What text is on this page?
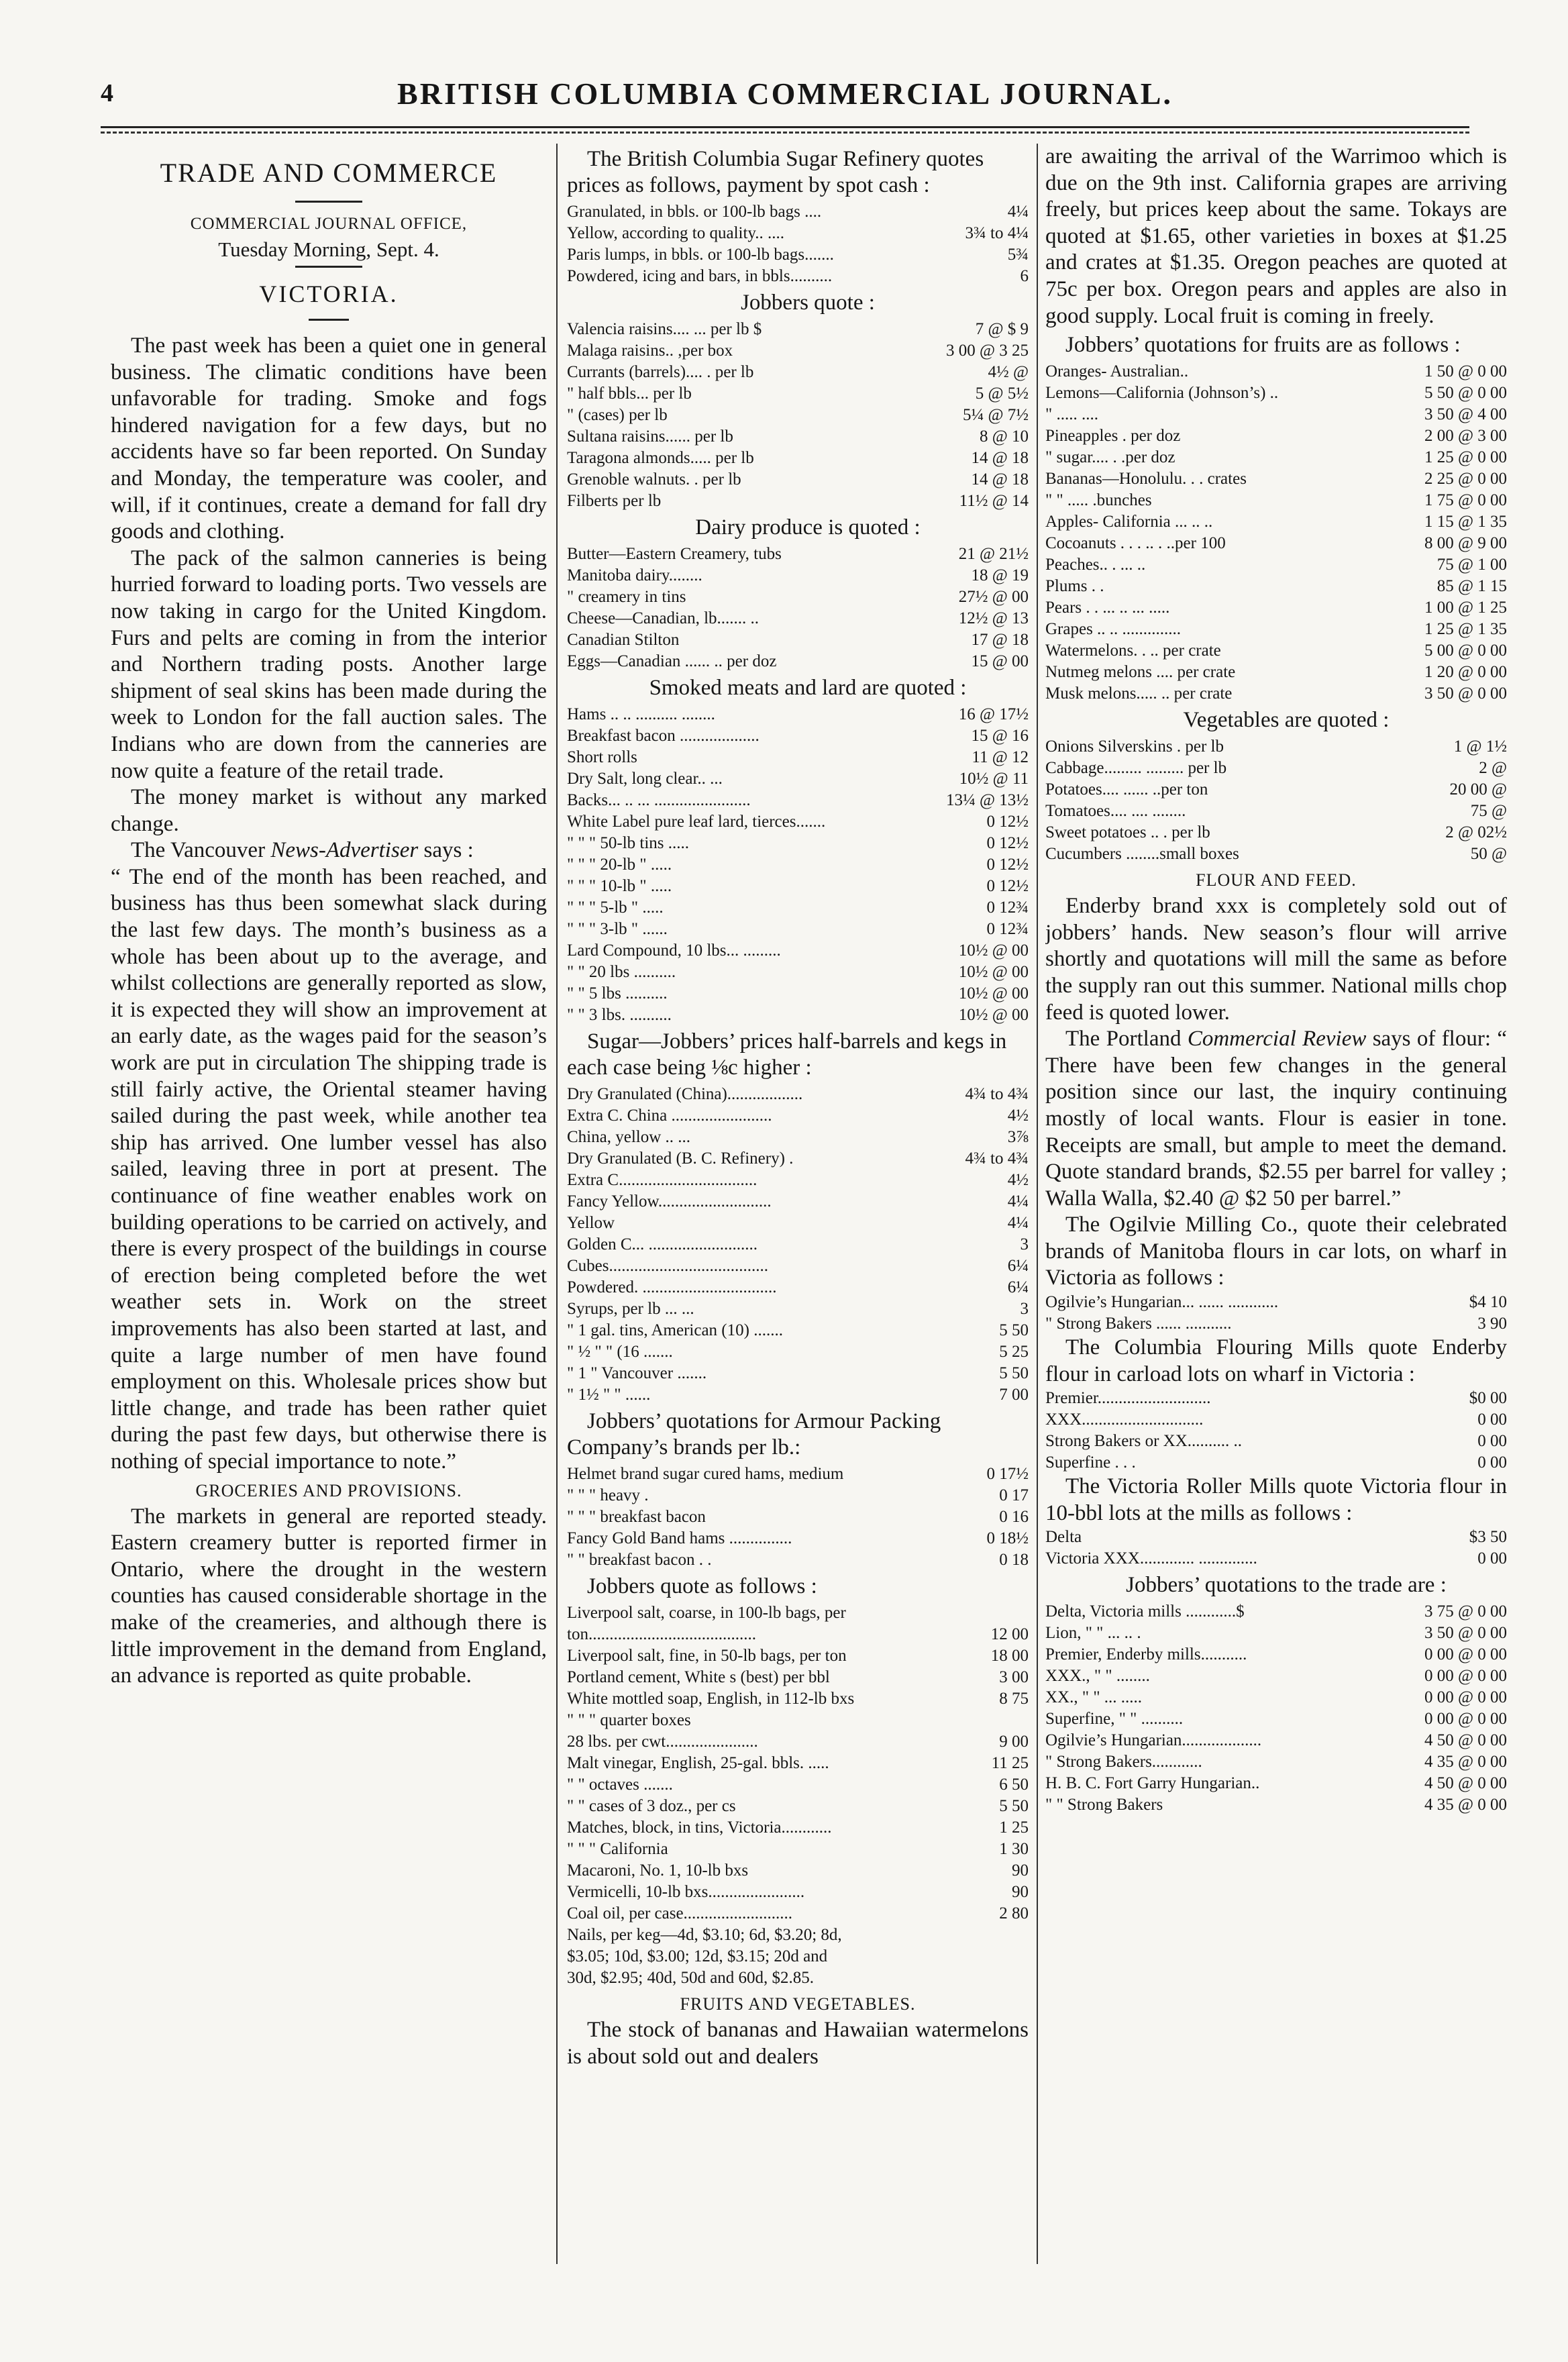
4	BRITISH COLUMBIA COMMERCIAL JOURNAL.
TRADE AND COMMERCE
COMMERCIAL JOURNAL OFFICE,
Tuesday Morning, Sept. 4.
VICTORIA.

The past week has been a quiet one in general business. The climatic conditions have been unfavorable for trading. Smoke and fogs hindered navigation for a few days, but no accidents have so far been reported. On Sunday and Monday, the temperature was cooler, and will, if it continues, create a demand for fall dry goods and clothing.

The pack of the salmon canneries is being hurried forward to loading ports. Two vessels are now taking in cargo for the United Kingdom. Furs and pelts are coming in from the interior and Northern trading posts. Another large shipment of seal skins has been made during the week to London for the fall auction sales. The Indians who are down from the canneries are now quite a feature of the retail trade.

The money market is without any marked change.

The Vancouver News-Advertiser says :

“ The end of the month has been reached, and business has thus been somewhat slack during the last few days. The month’s business as a whole has been about up to the average, and whilst collections are generally reported as slow, it is expected they will show an improvement at an early date, as the wages paid for the season’s work are put in circulation The shipping trade is still fairly active, the Oriental steamer having sailed during the past week, while another tea ship has arrived. One lumber vessel has also sailed, leaving three in port at present. The continuance of fine weather enables work on building operations to be carried on actively, and there is every prospect of the buildings in course of erection being completed before the wet weather sets in. Work on the street improvements has also been started at last, and quite a large number of men have found employment on this. Wholesale prices show but little change, and trade has been rather quiet during the past few days, but otherwise there is nothing of special importance to note.”

GROCERIES AND PROVISIONS.

The markets in general are reported steady. Eastern creamery butter is reported firmer in Ontario, where the drought in the western counties has caused considerable shortage in the make of the creameries, and although there is little improvement in the demand from England, an advance is reported as quite probable.

The British Columbia Sugar Refinery quotes prices as follows, payment by spot cash :
Granulated, in bbls. or 100-lb bags ....	4¼
Yellow, according to quality.. ....	3¾ to 4¼
Paris lumps, in bbls. or 100-lb bags.......	5¾
Powdered, icing and bars, in bbls..........	6
Jobbers quote :
Valencia raisins.... ... per lb $	7 @ $ 9
Malaga raisins.. ,per box	3 00 @ 3 25
Currants (barrels).... . per lb	4½ @
" half bbls... per lb	5 @ 5½
" (cases) per lb	5¼ @ 7½
Sultana raisins...... per lb	8 @ 10
Taragona almonds..... per lb	14 @ 18
Grenoble walnuts. . per lb	14 @ 18
Filberts per lb	11½ @ 14
Dairy produce is quoted :
Butter—Eastern Creamery, tubs	21 @ 21½
Manitoba dairy........	18 @ 19
" creamery in tins	27½ @ 00
Cheese—Canadian, lb....... ..	12½ @ 13
Canadian Stilton	17 @ 18
Eggs—Canadian ...... .. per doz	15 @ 00
Smoked meats and lard are quoted :
Hams .. .. .......... ........	16 @ 17½
Breakfast bacon ...................	15 @ 16
Short rolls	11 @ 12
Dry Salt, long clear.. ...	10½ @ 11
Backs... .. ... .......................	13¼ @ 13½
White Label pure leaf lard, tierces.......	0 12½
" " " 50-lb tins .....	0 12½
" " " 20-lb " .....	0 12½
" " " 10-lb " .....	0 12½
" " " 5-lb " .....	0 12¾
" " " 3-lb " ......	0 12¾
Lard Compound, 10 lbs... .........	10½ @ 00
" " 20 lbs ..........	10½ @ 00
" " 5 lbs ..........	10½ @ 00
" " 3 lbs. ..........	10½ @ 00
Sugar—Jobbers’ prices half-barrels and kegs in each case being ⅛c higher :
Dry Granulated (China)..................	4¾ to 4¾
Extra C. China ........................	4½
China, yellow .. ...	3⅞
Dry Granulated (B. C. Refinery) .	4¾ to 4¾
Extra C.................................	4½
Fancy Yellow...........................	4¼
Yellow	4¼
Golden C... ..........................	3
Cubes......................................	6¼
Powdered. ................................	6¼
Syrups, per lb ... ...	3
" 1 gal. tins, American (10) .......	5 50
" ½ " " (16 .......	5 25
" 1 " Vancouver .......	5 50
" 1½ " " ......	7 00
Jobbers’ quotations for Armour Packing Company’s brands per lb.:
Helmet brand sugar cured hams, medium	0 17½
" " " heavy .	0 17
" " " breakfast bacon	0 16
Fancy Gold Band hams ...............	0 18½
" " breakfast bacon . .	0 18
Jobbers quote as follows :
Liverpool salt, coarse, in 100-lb bags, per
ton........................................	12 00
Liverpool salt, fine, in 50-lb bags, per ton	18 00
Portland cement, White s (best) per bbl	3 00
White mottled soap, English, in 112-lb bxs	8 75
" " " quarter boxes
28 lbs. per cwt......................	9 00
Malt vinegar, English, 25-gal. bbls. .....	11 25
" " octaves .......	6 50
" " cases of 3 doz., per cs	5 50
Matches, block, in tins, Victoria............	1 25
" " " California	1 30
Macaroni, No. 1, 10-lb bxs	90
Vermicelli, 10-lb bxs.......................	90
Coal oil, per case..........................	2 80
Nails, per keg—4d, $3.10; 6d, $3.20; 8d,
$3.05; 10d, $3.00; 12d, $3.15; 20d and
30d, $2.95; 40d, 50d and 60d, $2.85.
FRUITS AND VEGETABLES.

The stock of bananas and Hawaiian watermelons is about sold out and dealers

are awaiting the arrival of the Warrimoo which is due on the 9th inst. California grapes are arriving freely, but prices keep about the same. Tokays are quoted at $1.65, other varieties in boxes at $1.25 and crates at $1.35. Oregon peaches are quoted at 75c per box. Oregon pears and apples are also in good supply. Local fruit is coming in freely.

Jobbers’ quotations for fruits are as follows :
Oranges- Australian..	1 50 @ 0 00
Lemons—California (Johnson’s) ..	5 50 @ 0 00
" ..... ....	3 50 @ 4 00
Pineapples . per doz	2 00 @ 3 00
" sugar.... . .per doz	1 25 @ 0 00
Bananas—Honolulu. . . crates	2 25 @ 0 00
" " ..... .bunches	1 75 @ 0 00
Apples- California ... .. ..	1 15 @ 1 35
Cocoanuts . . . .. . ..per 100	8 00 @ 9 00
Peaches.. . ... ..	75 @ 1 00
Plums . .	85 @ 1 15
Pears . . ... .. ... .....	1 00 @ 1 25
Grapes .. .. ..............	1 25 @ 1 35
Watermelons. . .. per crate	5 00 @ 0 00
Nutmeg melons .... per crate	1 20 @ 0 00
Musk melons..... .. per crate	3 50 @ 0 00
Vegetables are quoted :
Onions Silverskins . per lb	1 @ 1½
Cabbage......... ......... per lb	2 @
Potatoes.... ...... ..per ton	20 00 @
Tomatoes.... .... ........	75 @
Sweet potatoes .. . per lb	2 @ 02½
Cucumbers ........small boxes	50 @
FLOUR AND FEED.

Enderby brand xxx is completely sold out of jobbers’ hands. New season’s flour will arrive shortly and quotations will mill the same as before the supply ran out this summer. National mills chop feed is quoted lower.

The Portland Commercial Review says of flour: “ There have been few changes in the general position since our last, the inquiry continuing mostly of local wants. Flour is easier in tone. Receipts are small, but ample to meet the demand. Quote standard brands, $2.55 per barrel for valley ; Walla Walla, $2.40 @ $2 50 per barrel.”

The Ogilvie Milling Co., quote their celebrated brands of Manitoba flours in car lots, on wharf in Victoria as follows :

Ogilvie’s Hungarian... ...... ............	$4 10
" Strong Bakers ...... ...........	3 90

The Columbia Flouring Mills quote Enderby flour in carload lots on wharf in Victoria :

Premier...........................	$0 00
XXX.............................	0 00
Strong Bakers or XX.......... ..	0 00
Superfine . . .	0 00

The Victoria Roller Mills quote Victoria flour in 10-bbl lots at the mills as follows :

Delta	$3 50
Victoria XXX............. ..............	0 00
Jobbers’ quotations to the trade are :
Delta, Victoria mills ............$	3 75 @ 0 00
Lion, " " ... .. .	3 50 @ 0 00
Premier, Enderby mills...........	0 00 @ 0 00
XXX., " " ........	0 00 @ 0 00
XX., " " ... .....	0 00 @ 0 00
Superfine, " " ..........	0 00 @ 0 00
Ogilvie’s Hungarian...................	4 50 @ 0 00
" Strong Bakers............	4 35 @ 0 00
H. B. C. Fort Garry Hungarian..	4 50 @ 0 00
" " Strong Bakers	4 35 @ 0 00
